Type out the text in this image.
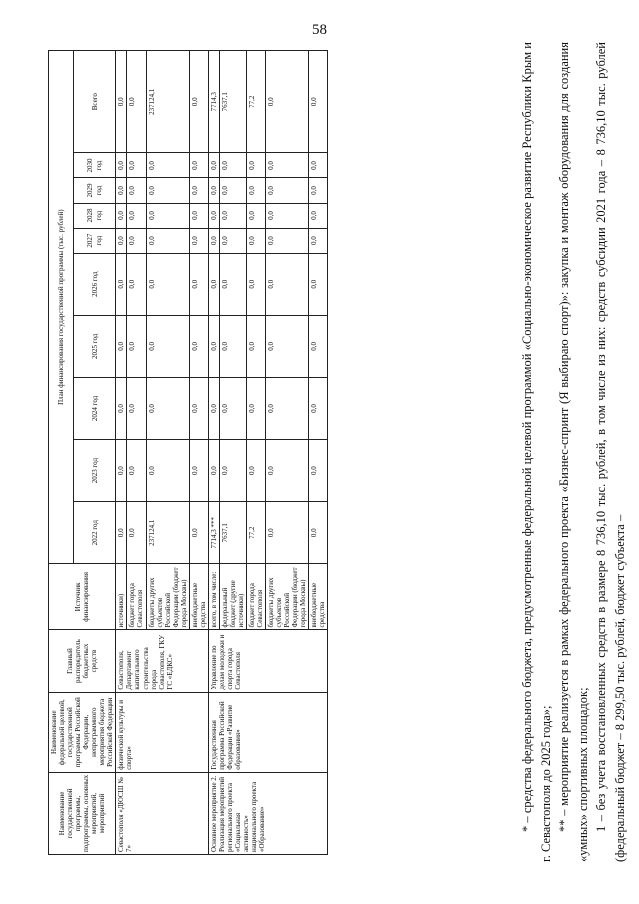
58
Наименование государственной программы, подпрограммы, основных мероприятий, мероприятий	Наименование федеральной целевой, государственной программы Российской Федерации, непрограммного мероприятия бюджета Российской Федерации	Главный распорядитель бюджетных средств	Источник финансирования	План финансирования государственной программы (тыс. рублей)									
				2022 год	2023 год	2024 год	2025 год	2026 год	2027 год	2028 год	2029 год	2030 год	Всего
Севастополя «ДЮСШ № 7»	физической культуры и спорта»	Севастополя, Департамент капитального строительства города Севастополя, ГКУ ГС «ЕДКС»	источники)	0,0	0,0	0,0	0,0	0,0	0,0	0,0	0,0	0,0	0,0
			бюджет города Севастополя	0,0	0,0	0,0	0,0	0,0	0,0	0,0	0,0	0,0	0,0
			бюджеты других субъектов Российской Федерации (бюджет города Москвы)	237124,1	0,0	0,0	0,0	0,0	0,0	0,0	0,0	0,0	237124,1
			внебюджетные средства	0,0	0,0	0,0	0,0	0,0	0,0	0,0	0,0	0,0	0,0
Основное мероприятие 2. Реализация мероприятий регионального проекта «Социальная активность» национального проекта «Образование»	Государственная программа Российской Федерации «Развитие образования»	Управление по делам молодежи и спорта города Севастополя	всего, в том числе:	7714,3 ***	0,0	0,0	0,0	0,0	0,0	0,0	0,0	0,0	7714,3
			федеральный бюджет (другие источники)	7637,1	0,0	0,0	0,0	0,0	0,0	0,0	0,0	0,0	7637,1
			бюджет города Севастополя	77,2	0,0	0,0	0,0	0,0	0,0	0,0	0,0	0,0	77,2
			бюджеты других субъектов Российской Федерации (бюджет города Москвы)	0,0	0,0	0,0	0,0	0,0	0,0	0,0	0,0	0,0	0,0
			внебюджетные средства	0,0	0,0	0,0	0,0	0,0	0,0	0,0	0,0	0,0	0,0	* – средства федерального бюджета, предусмотренные федеральной целевой программой «Социально-экономическое развитие Республики Крым и г. Севастополя до 2025 года»; ** – мероприятие реализуется в рамках федерального проекта «Бизнес-спринт (Я выбираю спорт)»: закупка и монтаж оборудования для создания «умных» спортивных площадок; 1 – без учета восстановленных средств в размере 8 736,10 тыс. рублей, в том числе из них: средств субсидии 2021 года – 8 736,10 тыс. рублей (федеральный бюджет – 8 299,50 тыс. рублей, бюджет субъекта –
